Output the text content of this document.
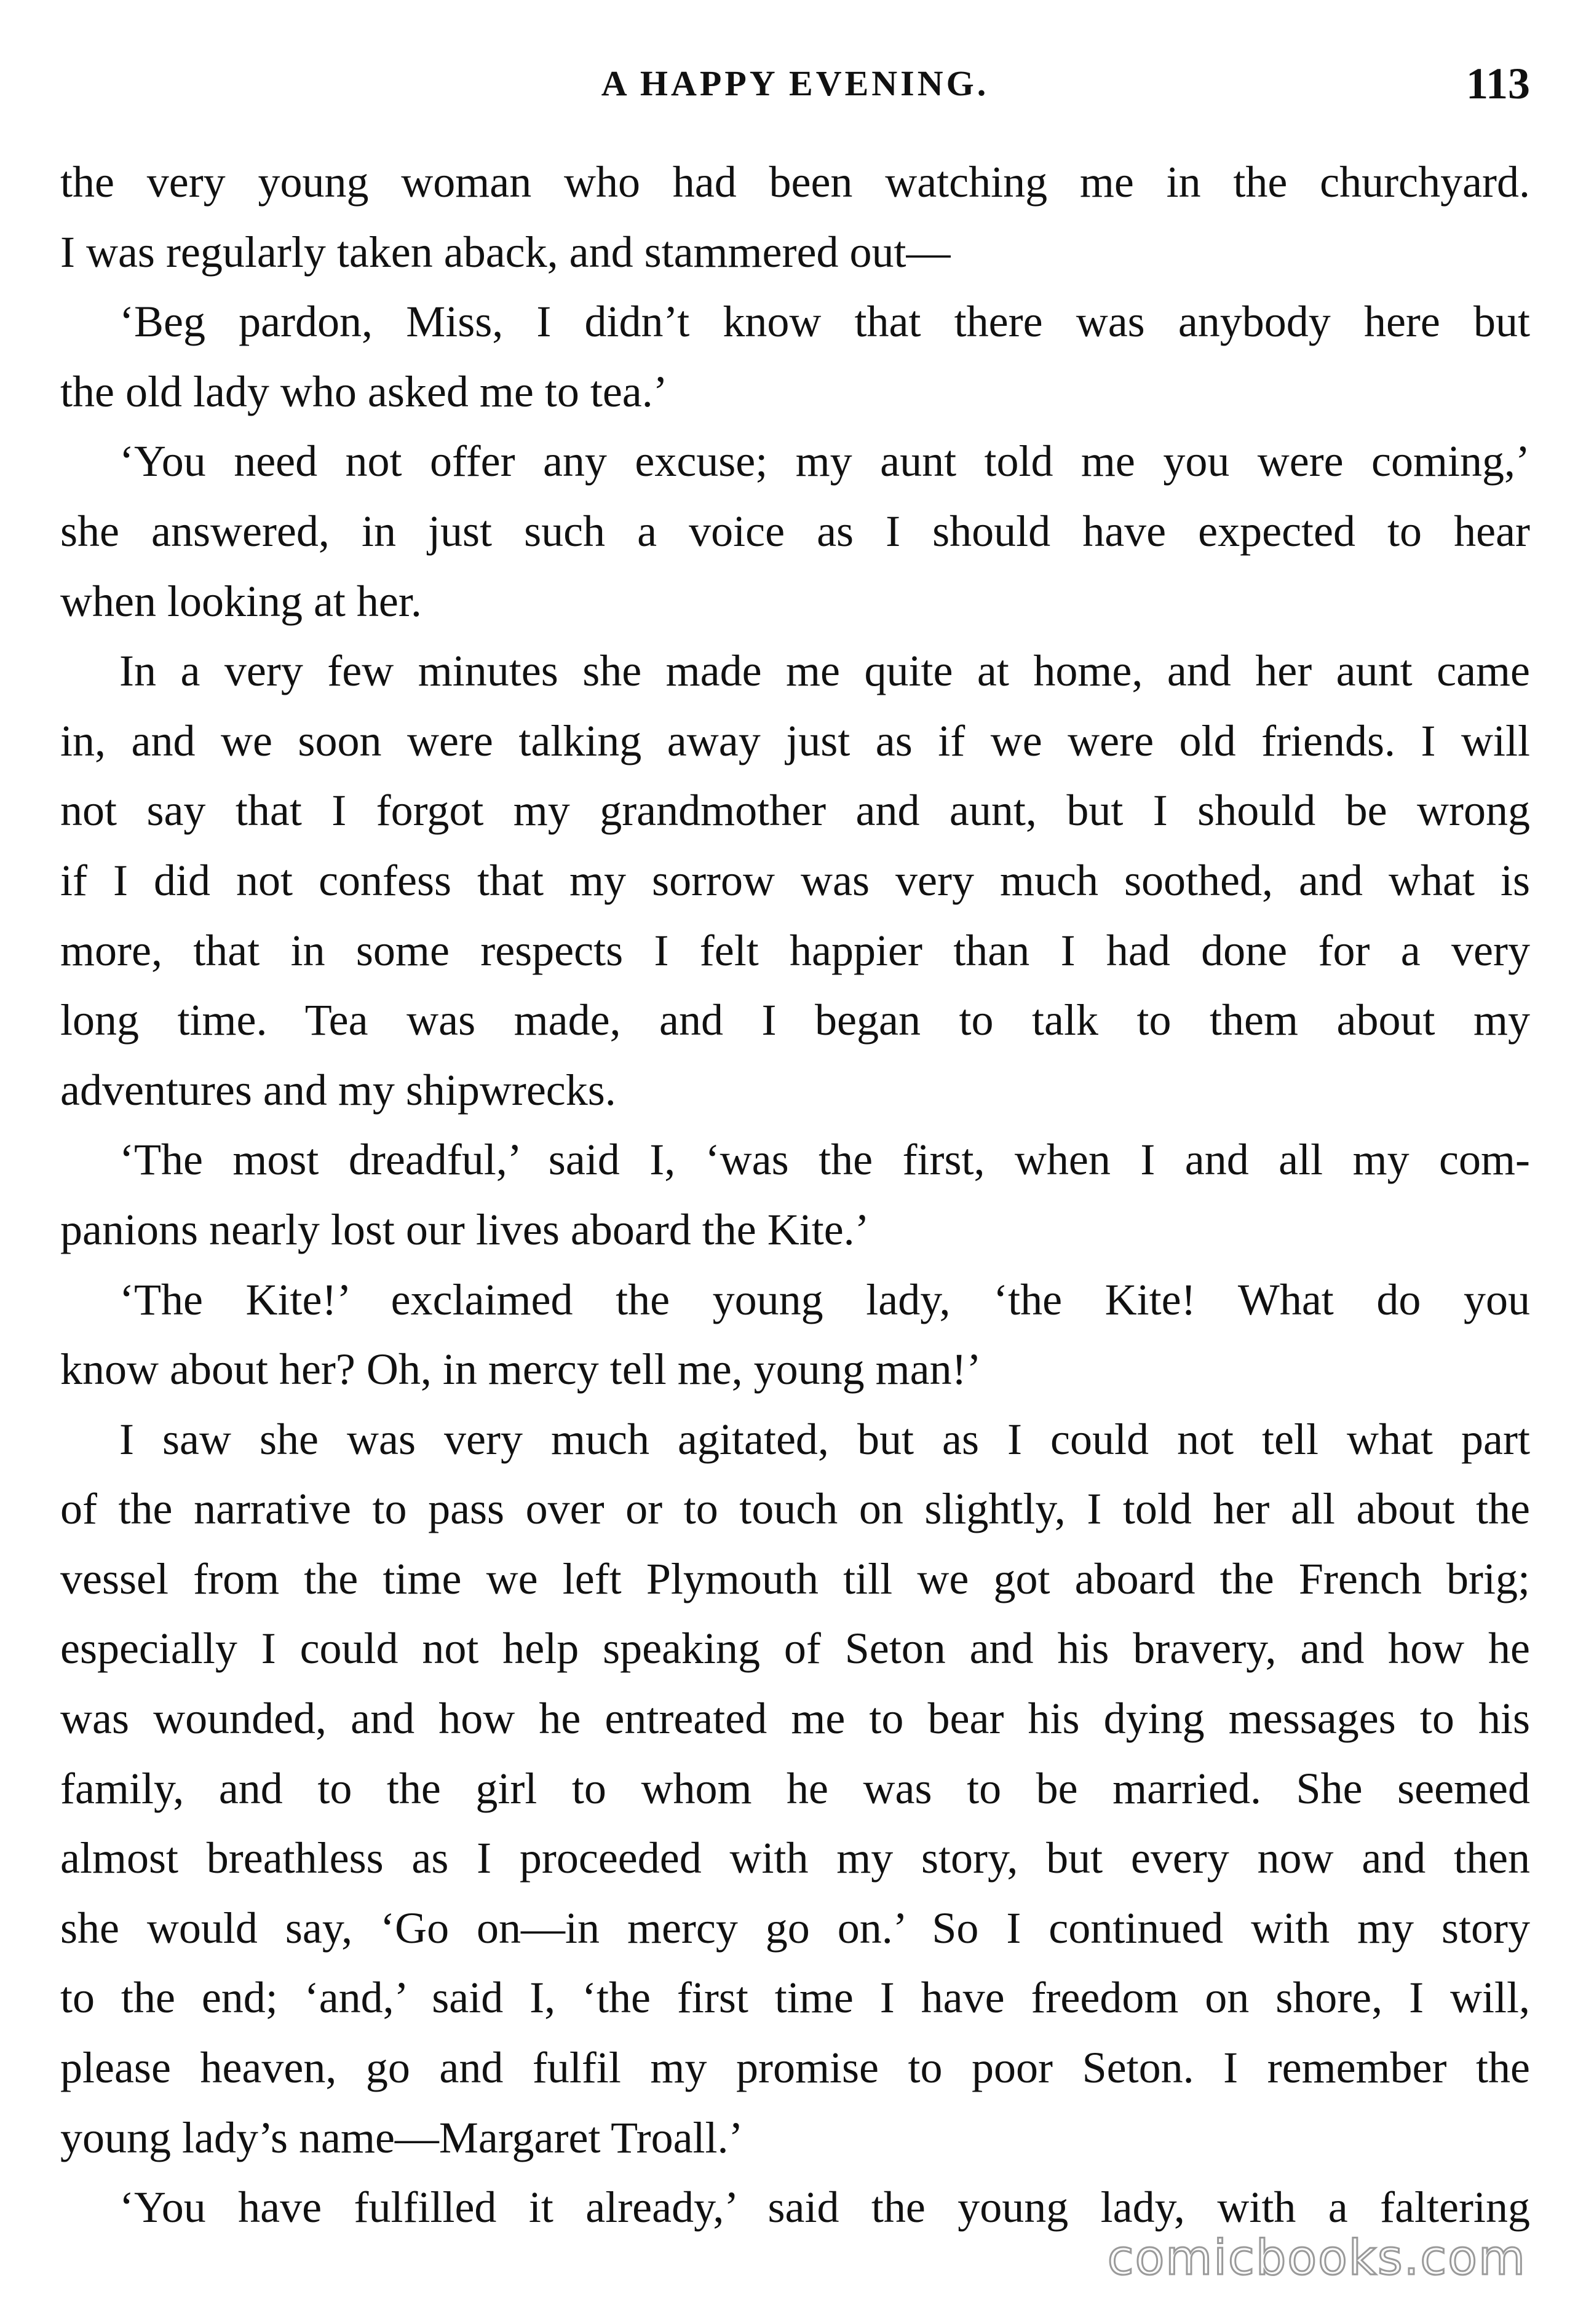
A HAPPY EVENING.	113
the very young woman who had been watching me in the churchyard.
I was regularly taken aback, and stammered out—
‘Beg pardon, Miss, I didn’t know that there was anybody here but
the old lady who asked me to tea.’
‘You need not offer any excuse; my aunt told me you were coming,’
she answered, in just such a voice as I should have expected to hear
when looking at her.
In a very few minutes she made me quite at home, and her aunt came
in, and we soon were talking away just as if we were old friends. I will
not say that I forgot my grandmother and aunt, but I should be wrong
if I did not confess that my sorrow was very much soothed, and what is
more, that in some respects I felt happier than I had done for a very
long time. Tea was made, and I began to talk to them about my
adventures and my shipwrecks.
‘The most dreadful,’ said I, ‘was the first, when I and all my com-
panions nearly lost our lives aboard the Kite.’
‘The Kite!’ exclaimed the young lady, ‘the Kite! What do you
know about her? Oh, in mercy tell me, young man!’
I saw she was very much agitated, but as I could not tell what part
of the narrative to pass over or to touch on slightly, I told her all about the
vessel from the time we left Plymouth till we got aboard the French brig;
especially I could not help speaking of Seton and his bravery, and how he
was wounded, and how he entreated me to bear his dying messages to his
family, and to the girl to whom he was to be married. She seemed
almost breathless as I proceeded with my story, but every now and then
she would say, ‘Go on—in mercy go on.’ So I continued with my story
to the end; ‘and,’ said I, ‘the first time I have freedom on shore, I will,
please heaven, go and fulfil my promise to poor Seton. I remember the
young lady’s name—Margaret Troall.’
‘You have fulfilled it already,’ said the young lady, with a faltering
comicbooks.com
